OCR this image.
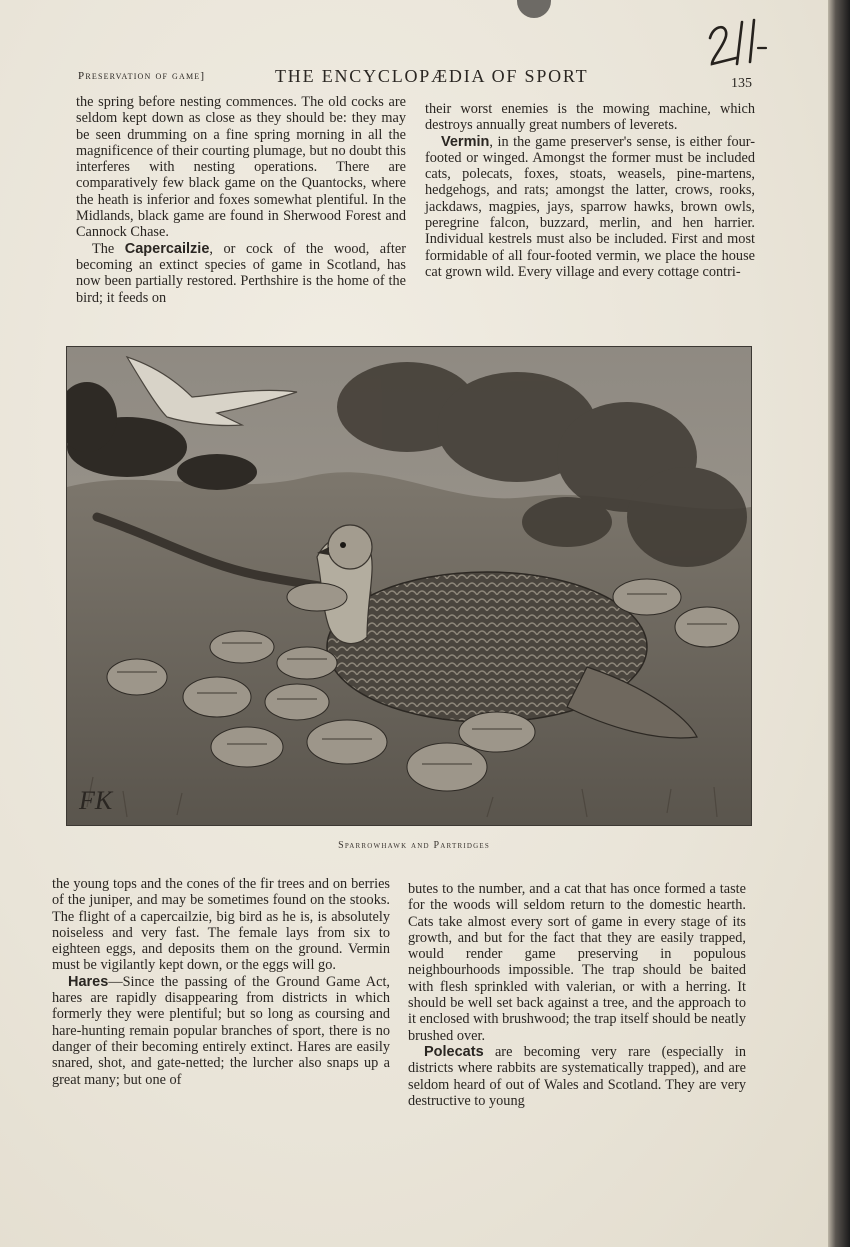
Preservation of game]	THE ENCYCLOPÆDIA OF SPORT	135

the spring before nesting commences. The old cocks are seldom kept down as close as they should be: they may be seen drumming on a fine spring morning in all the magnificence of their courting plumage, but no doubt this interferes with nesting operations. There are comparatively few black game on the Quantocks, where the heath is inferior and foxes somewhat plentiful. In the Midlands, black game are found in Sherwood Forest and Cannock Chase.

The Capercailzie, or cock of the wood, after becoming an extinct species of game in Scotland, has now been partially restored. Perthshire is the home of the bird; it feeds on

their worst enemies is the mowing machine, which destroys annually great numbers of leverets.

Vermin, in the game preserver's sense, is either four-footed or winged. Amongst the former must be included cats, polecats, foxes, stoats, weasels, pine-martens, hedgehogs, and rats; amongst the latter, crows, rooks, jackdaws, magpies, jays, sparrow hawks, brown owls, peregrine falcon, buzzard, merlin, and hen harrier. Individual kestrels must also be included. First and most formidable of all four-footed vermin, we place the house cat grown wild. Every village and every cottage contri-

FK
Sparrowhawk and Partridges

the young tops and the cones of the fir trees and on berries of the juniper, and may be sometimes found on the stooks. The flight of a capercailzie, big bird as he is, is absolutely noiseless and very fast. The female lays from six to eighteen eggs, and deposits them on the ground. Vermin must be vigilantly kept down, or the eggs will go.

Hares—Since the passing of the Ground Game Act, hares are rapidly disappearing from districts in which formerly they were plentiful; but so long as coursing and hare-hunting remain popular branches of sport, there is no danger of their becoming entirely extinct. Hares are easily snared, shot, and gate-netted; the lurcher also snaps up a great many; but one of

butes to the number, and a cat that has once formed a taste for the woods will seldom return to the domestic hearth. Cats take almost every sort of game in every stage of its growth, and but for the fact that they are easily trapped, would render game preserving in populous neighbourhoods impossible. The trap should be baited with flesh sprinkled with valerian, or with a herring. It should be well set back against a tree, and the approach to it enclosed with brushwood; the trap itself should be neatly brushed over.

Polecats are becoming very rare (especially in districts where rabbits are systematically trapped), and are seldom heard of out of Wales and Scotland. They are very destructive to young
